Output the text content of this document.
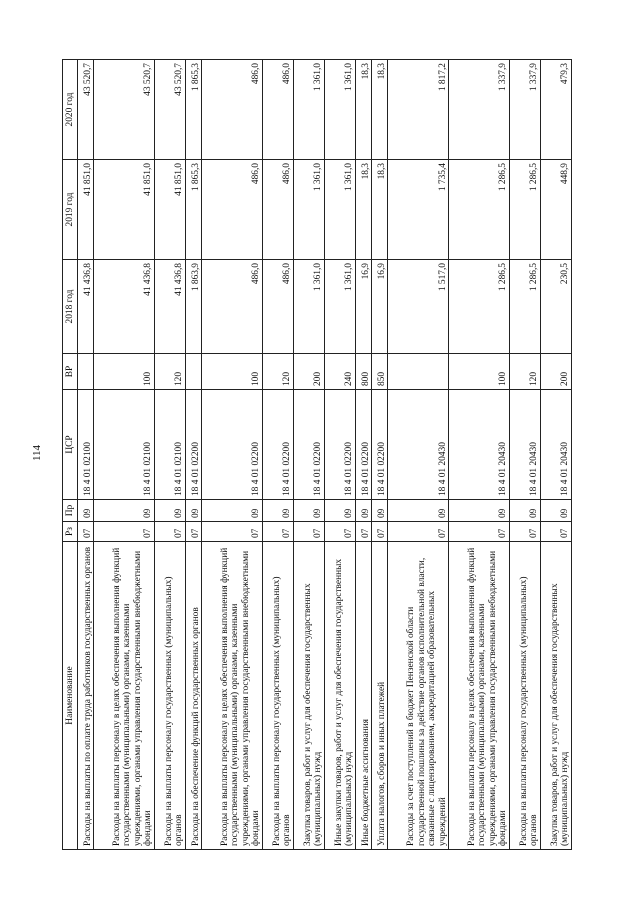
114
Наименование	Рз	Пр	ЦСР	ВР	2018 год	2019 год	2020 год
Расходы на выплаты по оплате труда работников государственных органов	07	09	18 4 01 02100		41 436,8	41 851,0	43 520,7
Расходы на выплаты персоналу в целях обеспечения выполнения функций государственными (муниципальными) органами, казенными учреждениями, органами управления государственными внебюджетными фондами	07	09	18 4 01 02100	100	41 436,8	41 851,0	43 520,7
Расходы на выплаты персоналу государственных (муниципальных) органов	07	09	18 4 01 02100	120	41 436,8	41 851,0	43 520,7
Расходы на обеспечение функций государственных органов	07	09	18 4 01 02200		1 863,9	1 865,3	1 865,3
Расходы на выплаты персоналу в целях обеспечения выполнения функций государственными (муниципальными) органами, казенными учреждениями, органами управления государственными внебюджетными фондами	07	09	18 4 01 02200	100	486,0	486,0	486,0
Расходы на выплаты персоналу государственных (муниципальных) органов	07	09	18 4 01 02200	120	486,0	486,0	486,0
Закупка товаров, работ и услуг для обеспечения государственных (муниципальных) нужд	07	09	18 4 01 02200	200	1 361,0	1 361,0	1 361,0
Иные закупки товаров, работ и услуг для обеспечения государственных (муниципальных) нужд	07	09	18 4 01 02200	240	1 361,0	1 361,0	1 361,0
Иные бюджетные ассигнования	07	09	18 4 01 02200	800	16,9	18,3	18,3
Уплата налогов, сборов и иных платежей	07	09	18 4 01 02200	850	16,9	18,3	18,3
Расходы за счет поступлений в бюджет Пензенской области государственной пошлины за действие органов исполнительной власти, связанные с лицензированием, аккредитацией образовательных учреждений	07	09	18 4 01 20430		1 517,0	1 735,4	1 817,2
Расходы на выплаты персоналу в целях обеспечения выполнения функций государственными (муниципальными) органами, казенными учреждениями, органами управления государственными внебюджетными фондами	07	09	18 4 01 20430	100	1 286,5	1 286,5	1 337,9
Расходы на выплаты персоналу государственных (муниципальных) органов	07	09	18 4 01 20430	120	1 286,5	1 286,5	1 337,9
Закупка товаров, работ и услуг для обеспечения государственных (муниципальных) нужд	07	09	18 4 01 20430	200	230,5	448,9	479,3
